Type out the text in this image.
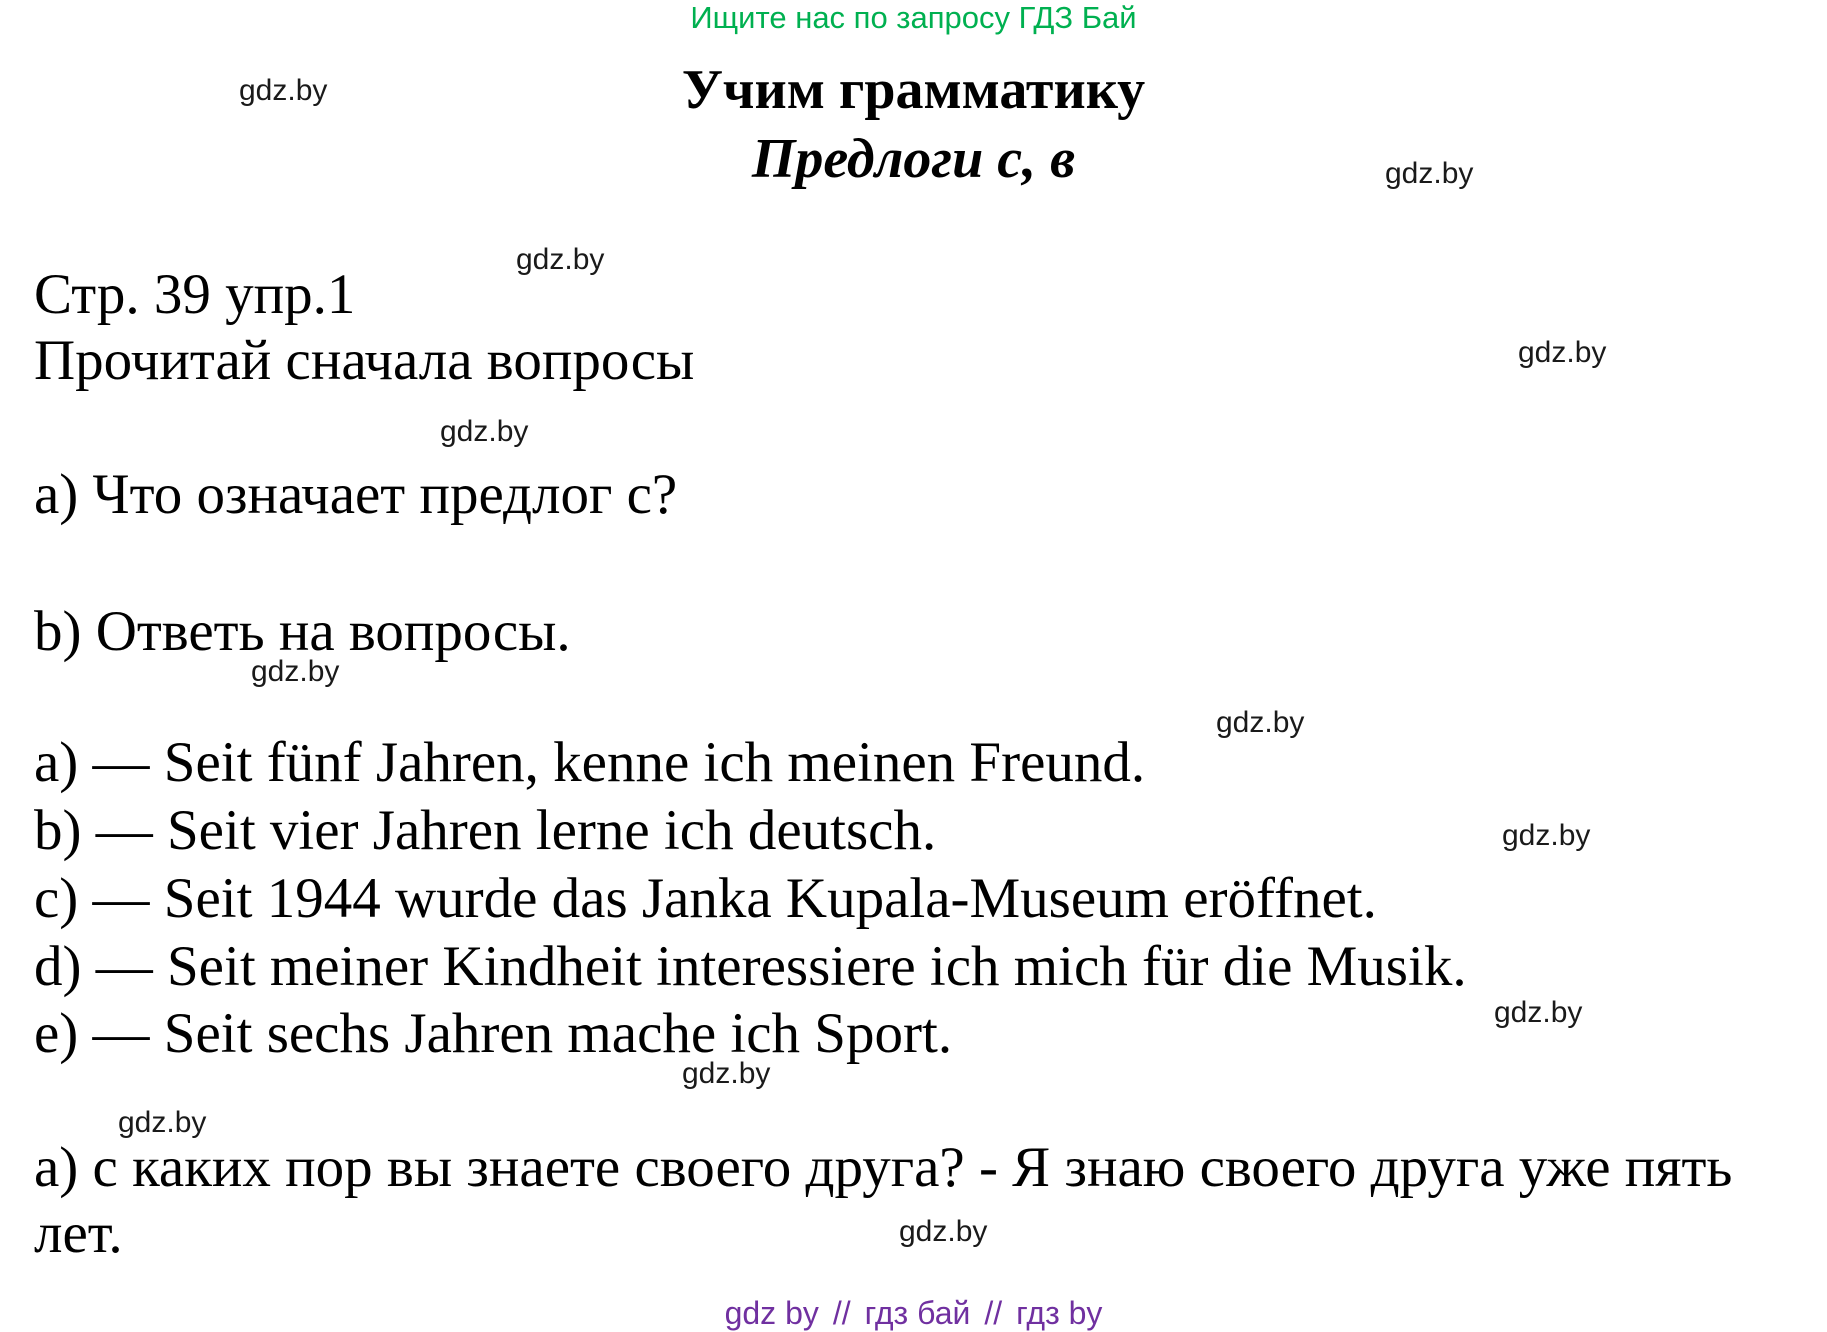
Ищите нас по запросу ГДЗ Бай
Учим грамматику
Предлоги с, в
Стр. 39 упр.1
Прочитай сначала вопросы
a) Что означает предлог с?
b) Ответь на вопросы.
a) — Seit fünf Jahren, kenne ich meinen Freund.
b) — Seit vier Jahren lerne ich deutsch.
c) — Seit 1944 wurde das Janka Kupala-Museum eröffnet.
d) — Seit meiner Kindheit interessiere ich mich für die Musik.
e) — Seit sechs Jahren mache ich Sport.
а) с каких пор вы знаете своего друга? - Я знаю своего друга уже пять
лет.
gdz.by
gdz.by
gdz.by
gdz.by
gdz.by
gdz.by
gdz.by
gdz.by
gdz.by
gdz.by
gdz.by
gdz.by
gdz by // гдз бай // гдз by
